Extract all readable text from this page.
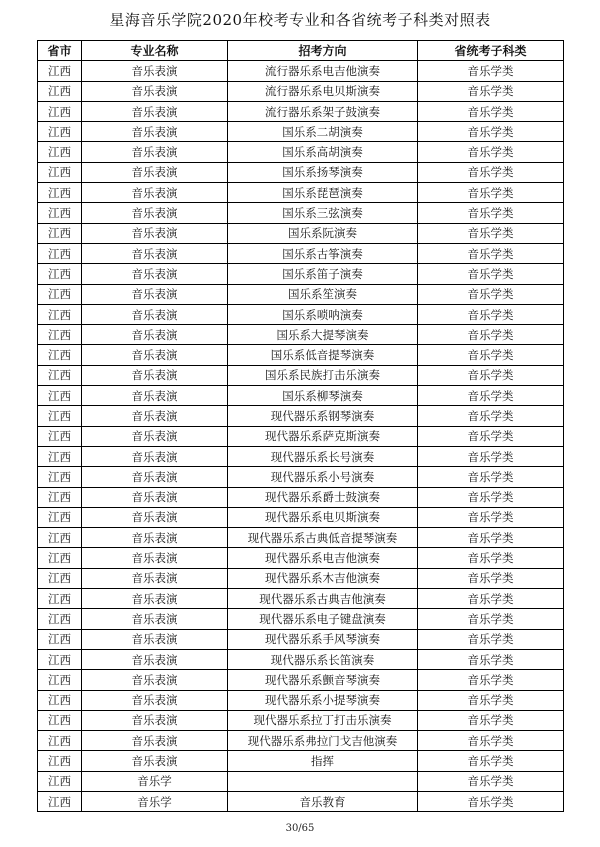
星海音乐学院2020年校考专业和各省统考子科类对照表
省市	专业名称	招考方向	省统考子科类
江西	音乐表演	流行器乐系电吉他演奏	音乐学类
江西	音乐表演	流行器乐系电贝斯演奏	音乐学类
江西	音乐表演	流行器乐系架子鼓演奏	音乐学类
江西	音乐表演	国乐系二胡演奏	音乐学类
江西	音乐表演	国乐系高胡演奏	音乐学类
江西	音乐表演	国乐系扬琴演奏	音乐学类
江西	音乐表演	国乐系琵琶演奏	音乐学类
江西	音乐表演	国乐系三弦演奏	音乐学类
江西	音乐表演	国乐系阮演奏	音乐学类
江西	音乐表演	国乐系古筝演奏	音乐学类
江西	音乐表演	国乐系笛子演奏	音乐学类
江西	音乐表演	国乐系笙演奏	音乐学类
江西	音乐表演	国乐系唢呐演奏	音乐学类
江西	音乐表演	国乐系大提琴演奏	音乐学类
江西	音乐表演	国乐系低音提琴演奏	音乐学类
江西	音乐表演	国乐系民族打击乐演奏	音乐学类
江西	音乐表演	国乐系柳琴演奏	音乐学类
江西	音乐表演	现代器乐系钢琴演奏	音乐学类
江西	音乐表演	现代器乐系萨克斯演奏	音乐学类
江西	音乐表演	现代器乐系长号演奏	音乐学类
江西	音乐表演	现代器乐系小号演奏	音乐学类
江西	音乐表演	现代器乐系爵士鼓演奏	音乐学类
江西	音乐表演	现代器乐系电贝斯演奏	音乐学类
江西	音乐表演	现代器乐系古典低音提琴演奏	音乐学类
江西	音乐表演	现代器乐系电吉他演奏	音乐学类
江西	音乐表演	现代器乐系木吉他演奏	音乐学类
江西	音乐表演	现代器乐系古典吉他演奏	音乐学类
江西	音乐表演	现代器乐系电子键盘演奏	音乐学类
江西	音乐表演	现代器乐系手风琴演奏	音乐学类
江西	音乐表演	现代器乐系长笛演奏	音乐学类
江西	音乐表演	现代器乐系颤音琴演奏	音乐学类
江西	音乐表演	现代器乐系小提琴演奏	音乐学类
江西	音乐表演	现代器乐系拉丁打击乐演奏	音乐学类
江西	音乐表演	现代器乐系弗拉门戈吉他演奏	音乐学类
江西	音乐表演	指挥	音乐学类
江西	音乐学		音乐学类
江西	音乐学	音乐教育	音乐学类
30/65
